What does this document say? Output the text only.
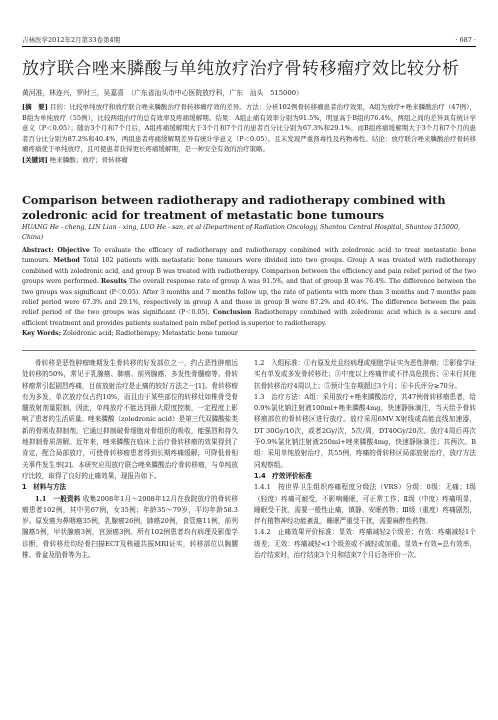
吉林医学2012年2月第33卷第4期	· 687 ·
放疗联合唑来膦酸与单纯放疗治疗骨转移瘤疗效比较分析
黄河准，林连兴，罗时三，吴嘉喜　（广东省汕头市中心医院放疗科，广东　汕头　515000）
[摘　要] 目的：比较单纯放疗和放疗联合唑来膦酸治疗骨转移瘤疗效的差异。方法：分析102例骨转移瘤患者治疗效果，A组为放疗+唑来膦酸治疗（47例），B组为单纯放疗（55例），比较两组治疗的总有效率及疼痛缓解期。结果：A组止痛有效率分别为91.5%，明显高于B组的76.4%，两组之间的差异具有统计学意义（P＜0.05）；随访3个月和7个月后，A组疼痛缓解期大于3个月和7个月的患者百分比分别为67.3%和29.1%，而B组疼痛缓解期大于3个月和7个月的患者百分比分别为87.2%和40.4%，两组患者疼痛缓解期差异有统计学意义（P＜0.05）。且未发现严重肾毒性及药物毒性。结论：放疗联合唑来膦酸治疗骨转移瘤疼痛优于单纯放疗，且可使患者获得更长疼痛缓解期，是一种安全有效的治疗策略。
[关键词] 唑来膦酸；放疗；骨转移瘤
Comparison between radiotherapy and radiotherapy combined with zoledronic acid for treatment of metastatic bone tumours
HUANG He - cheng, LIN Lian - xing, LUO He - san, et al (Department of Radiation Oncology, Shantou Central Hospital, Shantou 515000, China)

Abstract: Objective To evaluate the efficacy of radiotherapy and radiotherapy combined with zoledronic acid to treat metastatic bone tumours. Method Total 102 patients with metastatic bone tumours were divided into two groups. Group A was treated with radiotherapy combined with zoledronic acid, and group B was treated with radiotherapy. Comparison between the efficiency and pain relief period of the two groups were performed. Results The overall response rate of group A was 91.5%, and that of group B was 76.4%. The difference between the two groups was significant (P＜0.05). After 3 months and 7 months follow up, the rate of patients with more than 3 months and 7 months pain relief period were 67.3% and 29.1%, respectively in group A and those in group B were 87.2% and 40.4%. The difference between the pain relief period of the two groups was significant (P＜0.05). Conclusion Radiotherapy combined with zoledronic acid which is a secure and efficient treatment and provides patients sustained pain relief period is superior to radiotherapy.

Key Words: Zoledronic acid; Radiotherapy; Metastatic bone tumour

骨转移是恶性肿瘤晚期发生骨转移的好发部位之一，约占恶性肿瘤远处转移的50%，常见于乳腺癌、肺癌、前列腺癌、多发性骨髓瘤等。骨转移瘤常引起剧烈疼痛，目前放射治疗是止痛的较好方法之一[1]。骨转移瘤有为多发，单次放疗仅占约10%，而且由于某些部位的转移灶如椎骨受骨髓放射剂量限制，因此，单纯放疗不能达到最大限度控制，一定程度上影响了患者的生活质量。唑来膦酸（zoledronic acid）是第三代双膦酸盐类新的骨吸收抑制剂，它通过抑制破骨细胞对骨组织的吸收，能强烈和持久地抑制骨质溶解。近年来，唑来膦酸在临床上治疗骨转移瘤的效果得到了肯定，配合局部放疗，可使骨转移瘤患者得到长期疼痛缓解，可降低骨相关事件发生率[2]。本研究应用放疗联合唑来膦酸治疗骨转移瘤，与单纯放疗比较，取得了良好的止痛效果，现报告如下。

1　材料与方法

1.1　一般资料 收集2008年1月～2008年12月在我院放疗的骨转移瘤患者102例，其中男67例，女35例；年龄35～79岁，平均年龄58.3岁。原发癌为鼻咽癌35例，乳腺癌26例，肺癌20例，食管癌11例，前列腺癌5例，甲状腺癌3例，宫颈癌3例。所有102例患者均有病理及影像学诊断，骨转移灶均经骨扫描ECT及核磁共振MRI证实，转移部位以胸腰椎、骨盆及肋骨等为主。

1.2　入组标准：①有原发灶且经病理或细胞学证实为恶性肿瘤；②影像学证实有单发或多发骨转移灶；③中度以上疼痛伴或不伴高危损伤；④未行其他抗骨转移治疗4周以上；⑤预计生存期超过3个月；⑥卡氏评分≥70分。

1.3　治疗方法：A组：采用放疗+唑来膦酸治疗，共47例骨转移瘤患者，给0.9%氯化钠注射液100ml+唑来膦酸4mg，快速静脉滴注，当天给予骨转移瘤部位的骨转移区进行放疗。放疗采用6MV X射线或高能直线加速器，DT 30Gy/10次，或者2Gy/次，5次/周，DT40Gy/20次。放疗4周后再次予0.9%氯化钠注射液250ml+唑来膦酸4mg，快速静脉滴注；共两次。B组：采用单纯放射治疗，共55例，疼痛的骨转移区局部放射治疗，放疗方法同观察组。

1.4　疗效评价标准

1.4.1　按世界卫生组织疼痛程度分级法（VRS）分级：0级：无痛；Ⅰ级（轻度）疼痛可耐受，不影响睡眠，可正常工作；Ⅱ级（中度）疼痛明显，睡眠受干扰，需要一般性止痛，镇静、安眠药物；Ⅲ级（重度）疼痛剧烈，伴有植物神经功能紊乱，睡眠严重受干扰，需要麻醉性药物。

1.4.2　止痛效果评价标准：显效：疼痛减轻2个级差；有效：疼痛减轻1个级差；无效：疼痛减轻<1个级差或不减轻或加重。显效+有效=总有效率，治疗结束时，治疗结束3个月和结束7个月后各评价一次。
